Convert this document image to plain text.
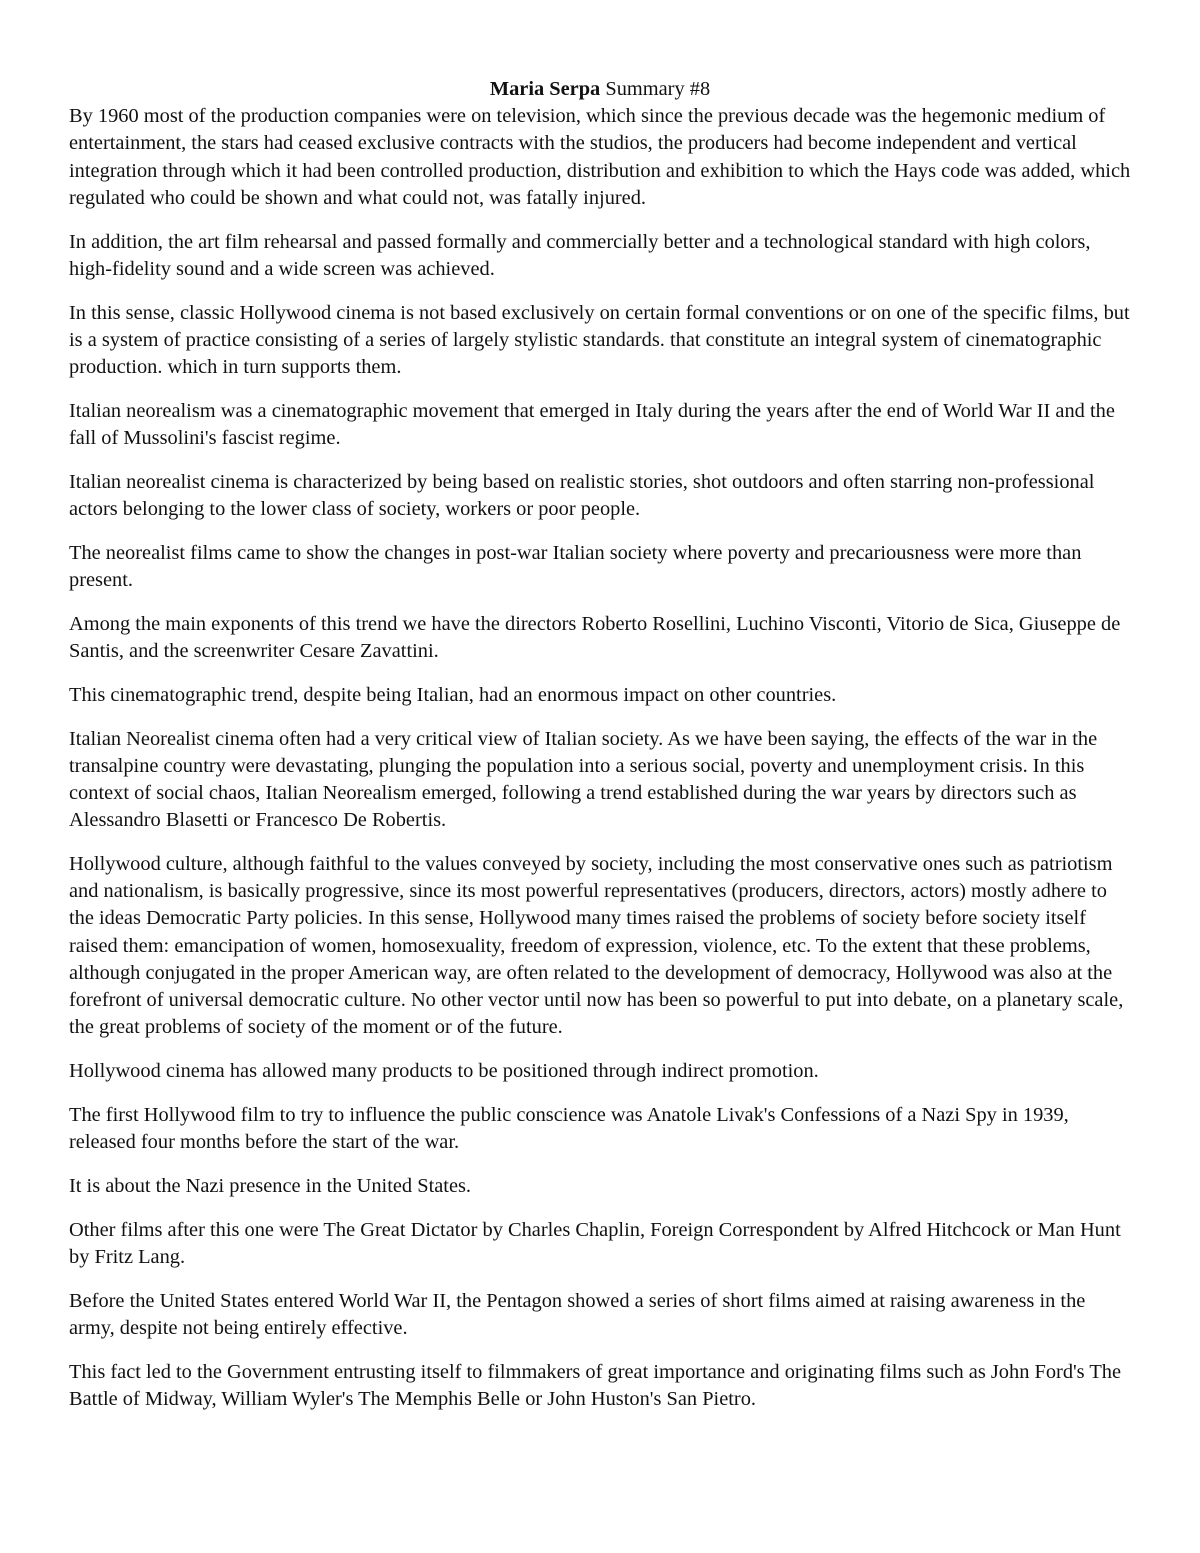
Maria Serpa Summary #8

By 1960 most of the production companies were on television, which since the previous decade was the hegemonic medium of entertainment, the stars had ceased exclusive contracts with the studios, the producers had become independent and vertical integration through which it had been controlled production, distribution and exhibition to which the Hays code was added, which regulated who could be shown and what could not, was fatally injured.

In addition, the art film rehearsal and passed formally and commercially better and a technological standard with high colors, high-fidelity sound and a wide screen was achieved.

In this sense, classic Hollywood cinema is not based exclusively on certain formal conventions or on one of the specific films, but is a system of practice consisting of a series of largely stylistic standards. that constitute an integral system of cinematographic production. which in turn supports them.

Italian neorealism was a cinematographic movement that emerged in Italy during the years after the end of World War II and the fall of Mussolini's fascist regime.

Italian neorealist cinema is characterized by being based on realistic stories, shot outdoors and often starring non-professional actors belonging to the lower class of society, workers or poor people.

The neorealist films came to show the changes in post-war Italian society where poverty and precariousness were more than present.

Among the main exponents of this trend we have the directors Roberto Rosellini, Luchino Visconti, Vitorio de Sica, Giuseppe de Santis, and the screenwriter Cesare Zavattini.

This cinematographic trend, despite being Italian, had an enormous impact on other countries.

Italian Neorealist cinema often had a very critical view of Italian society. As we have been saying, the effects of the war in the transalpine country were devastating, plunging the population into a serious social, poverty and unemployment crisis. In this context of social chaos, Italian Neorealism emerged, following a trend established during the war years by directors such as Alessandro Blasetti or Francesco De Robertis.

Hollywood culture, although faithful to the values conveyed by society, including the most conservative ones such as patriotism and nationalism, is basically progressive, since its most powerful representatives (producers, directors, actors) mostly adhere to the ideas Democratic Party policies. In this sense, Hollywood many times raised the problems of society before society itself raised them: emancipation of women, homosexuality, freedom of expression, violence, etc. To the extent that these problems, although conjugated in the proper American way, are often related to the development of democracy, Hollywood was also at the forefront of universal democratic culture. No other vector until now has been so powerful to put into debate, on a planetary scale, the great problems of society of the moment or of the future.

Hollywood cinema has allowed many products to be positioned through indirect promotion.

The first Hollywood film to try to influence the public conscience was Anatole Livak's Confessions of a Nazi Spy in 1939, released four months before the start of the war.

It is about the Nazi presence in the United States.

Other films after this one were The Great Dictator by Charles Chaplin, Foreign Correspondent by Alfred Hitchcock or Man Hunt by Fritz Lang.

Before the United States entered World War II, the Pentagon showed a series of short films aimed at raising awareness in the army, despite not being entirely effective.

This fact led to the Government entrusting itself to filmmakers of great importance and originating films such as John Ford's The Battle of Midway, William Wyler's The Memphis Belle or John Huston's San Pietro.
